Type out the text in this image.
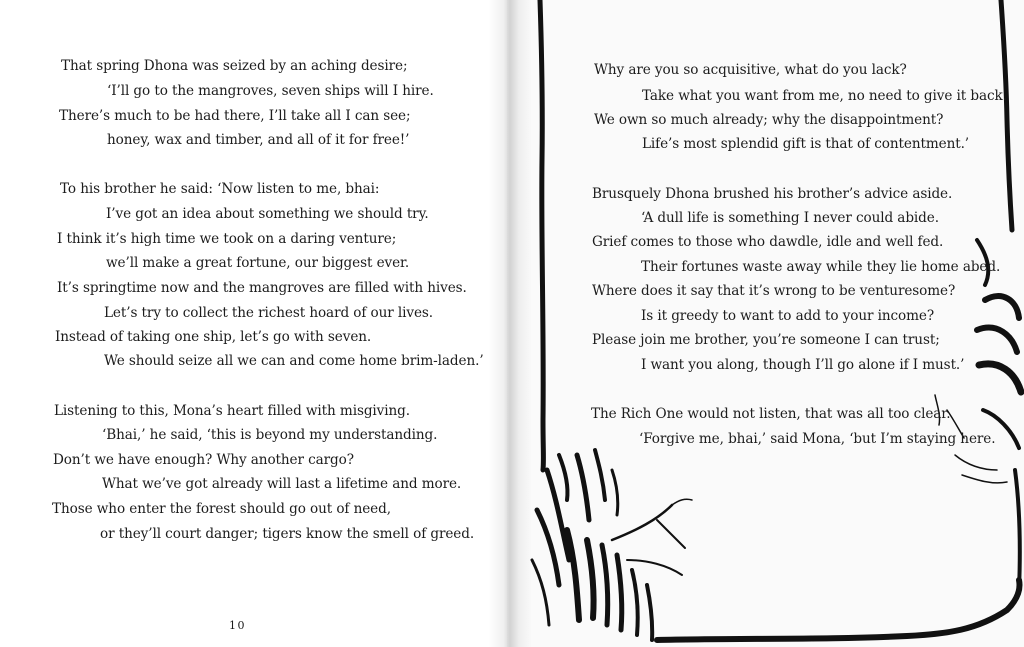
That spring Dhona was seized by an aching desire;
‘I’ll go to the mangroves, seven ships will I hire.
There’s much to be had there, I’ll take all I can see;
honey, wax and timber, and all of it for free!’
To his brother he said: ‘Now listen to me, bhai:
I’ve got an idea about something we should try.
I think it’s high time we took on a daring venture;
we’ll make a great fortune, our biggest ever.
It’s springtime now and the mangroves are filled with hives.
Let’s try to collect the richest hoard of our lives.
Instead of taking one ship, let’s go with seven.
We should seize all we can and come home brim-laden.’
Listening to this, Mona’s heart filled with misgiving.
‘Bhai,’ he said, ‘this is beyond my understanding.
Don’t we have enough? Why another cargo?
What we’ve got already will last a lifetime and more.
Those who enter the forest should go out of need,
or they’ll court danger; tigers know the smell of greed.
10
Why are you so acquisitive, what do you lack?
Take what you want from me, no need to give it back.
We own so much already; why the disappointment?
Life’s most splendid gift is that of contentment.’
Brusquely Dhona brushed his brother’s advice aside.
‘A dull life is something I never could abide.
Grief comes to those who dawdle, idle and well fed.
Their fortunes waste away while they lie home abed.
Where does it say that it’s wrong to be venturesome?
Is it greedy to want to add to your income?
Please join me brother, you’re someone I can trust;
I want you along, though I’ll go alone if I must.’
The Rich One would not listen, that was all too clear.
‘Forgive me, bhai,’ said Mona, ‘but I’m staying here.
